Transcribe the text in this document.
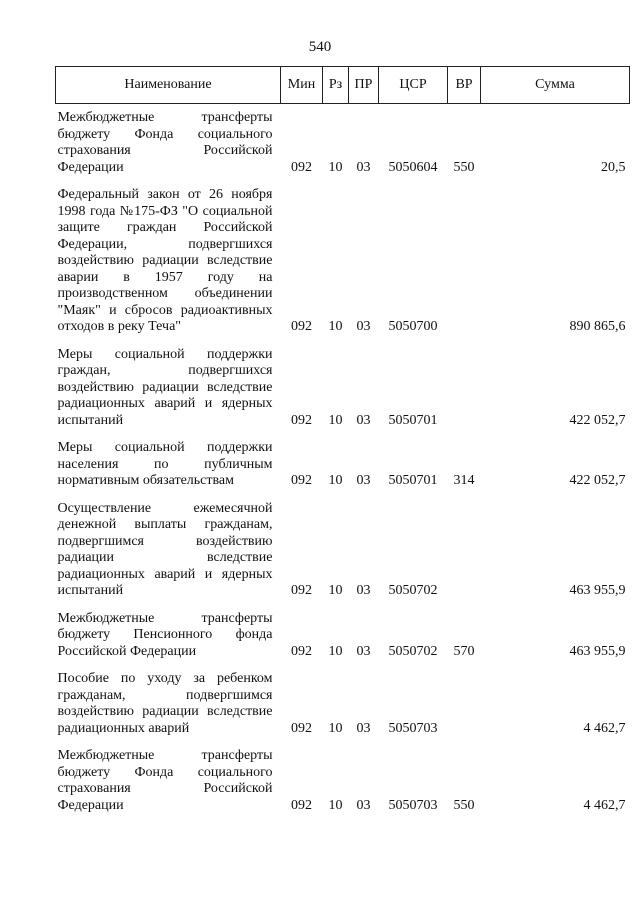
540
Наименование	Мин	Рз	ПР	ЦСР	ВР	Сумма
Межбюджетные трансферты бюджету Фонда социального страхования Российской Федерации	092	10	03	5050604	550	20,5
Федеральный закон от 26 ноября 1998 года №175-ФЗ "О социальной защите граждан Российской Федерации, подвергшихся воздействию радиации вследствие аварии в 1957 году на производственном объединении "Маяк" и сбросов радиоактивных отходов в реку Теча"	092	10	03	5050700		890 865,6
Меры социальной поддержки граждан, подвергшихся воздействию радиации вследствие радиационных аварий и ядерных испытаний	092	10	03	5050701		422 052,7
Меры социальной поддержки населения по публичным нормативным обязательствам	092	10	03	5050701	314	422 052,7
Осуществление ежемесячной денежной выплаты гражданам, подвергшимся воздействию радиации вследствие радиационных аварий и ядерных испытаний	092	10	03	5050702		463 955,9
Межбюджетные трансферты бюджету Пенсионного фонда Российской Федерации	092	10	03	5050702	570	463 955,9
Пособие по уходу за ребенком гражданам, подвергшимся воздействию радиации вследствие радиационных аварий	092	10	03	5050703		4 462,7
Межбюджетные трансферты бюджету Фонда социального страхования Российской Федерации	092	10	03	5050703	550	4 462,7
